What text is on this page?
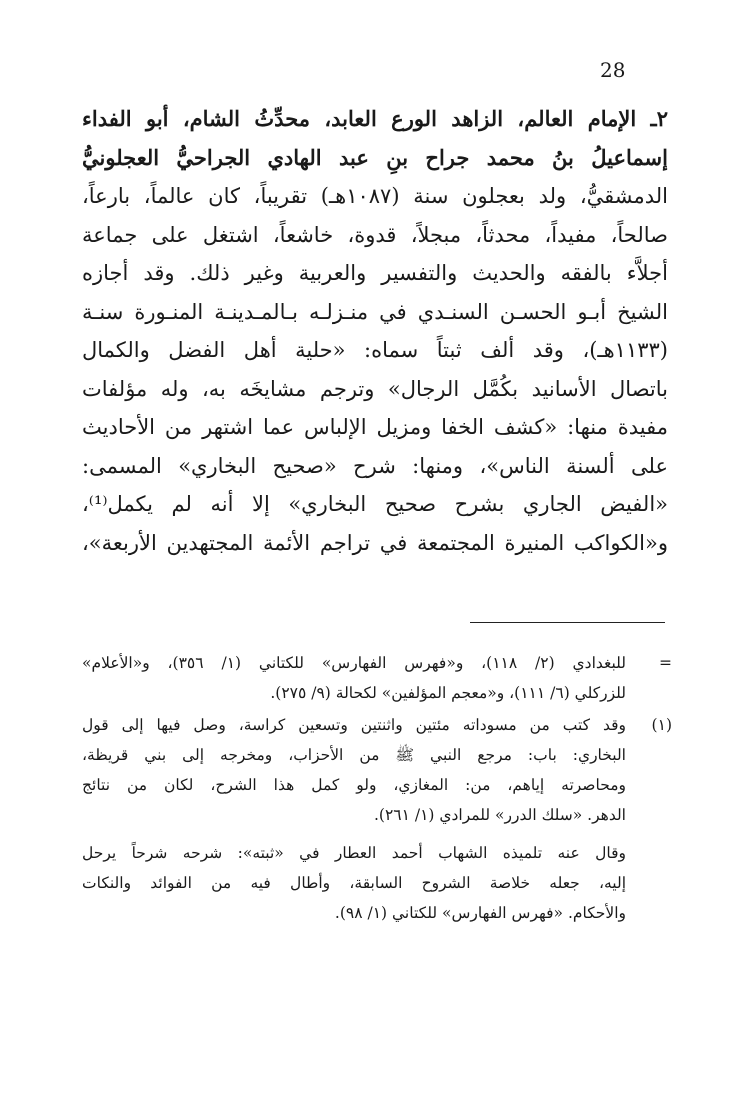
28
٢ـ الإمام العالم، الزاهد الورع العابد، محدِّثُ الشام، أبو الفداء
إسماعيلُ بنُ محمد جراح بنِ عبد الهادي الجراحيُّ العجلونيُّ
الدمشقيُّ، ولد بعجلون سنة (١٠٨٧هـ) تقريباً، كان عالماً، بارعاً،
صالحاً، مفيداً، محدثاً، مبجلاً، قدوة، خاشعاً، اشتغل على جماعة
أجلاَّء بالفقه والحديث والتفسير والعربية وغير ذلك. وقد أجازه
الشيخ أبـو الحسـن السنـدي في منـزلـه بـالمـدينـة المنـورة سنـة
(١١٣٣هـ)، وقد ألف ثبتاً سماه: «حلية أهل الفضل والكمال
باتصال الأسانيد بكُمَّل الرجال» وترجم مشايخَه به، وله مؤلفات
مفيدة منها: «كشف الخفا ومزيل الإلباس عما اشتهر من الأحاديث
على ألسنة الناس»، ومنها: شرح «صحيح البخاري» المسمى:
«الفيض الجاري بشرح صحيح البخاري» إلا أنه لم يكمل⁽¹⁾،
و«الكواكب المنيرة المجتمعة في تراجم الأئمة المجتهدين الأربعة»،
=
للبغدادي (٢/ ١١٨)، و«فهرس الفهارس» للكتاني (١/ ٣٥٦)، و«الأعلام»
للزركلي (٦/ ١١١)، و«معجم المؤلفين» لكحالة (٩/ ٢٧٥).
(١)
وقد كتب من مسوداته مئتين واثنتين وتسعين كراسة، وصل فيها إلى قول
البخاري: باب: مرجع النبي ﷺ من الأحزاب، ومخرجه إلى بني قريظة،
ومحاصرته إياهم، من: المغازي، ولو كمل هذا الشرح، لكان من نتائج
الدهر. «سلك الدرر» للمرادي (١/ ٢٦١).
وقال عنه تلميذه الشهاب أحمد العطار في «ثبته»: شرحه شرحاً يرحل
إليه، جعله خلاصة الشروح السابقة، وأطال فيه من الفوائد والنكات
والأحكام. «فهرس الفهارس» للكتاني (١/ ٩٨).
